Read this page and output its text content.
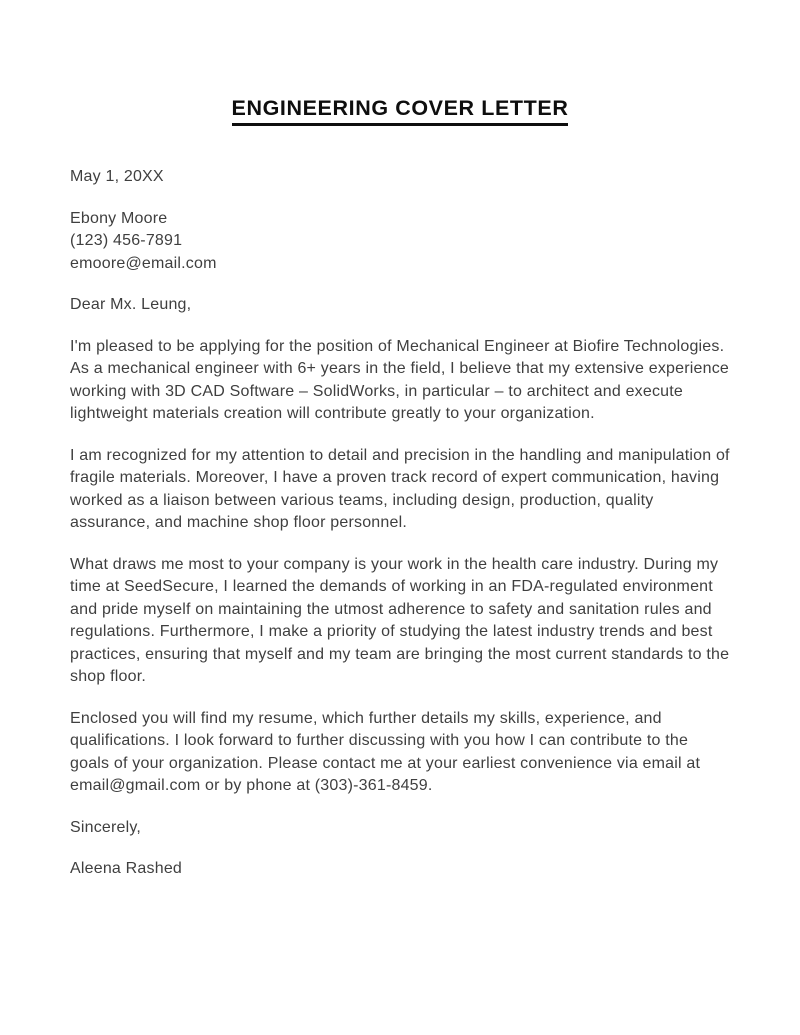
ENGINEERING COVER LETTER
May 1, 20XX
Ebony Moore
(123) 456-7891
emoore@email.com
Dear Mx. Leung,

I'm pleased to be applying for the position of Mechanical Engineer at Biofire Technologies. As a mechanical engineer with 6+ years in the field, I believe that my extensive experience working with 3D CAD Software – SolidWorks, in particular – to architect and execute lightweight materials creation will contribute greatly to your organization.

I am recognized for my attention to detail and precision in the handling and manipulation of fragile materials. Moreover, I have a proven track record of expert communication, having worked as a liaison between various teams, including design, production, quality assurance, and machine shop floor personnel.

What draws me most to your company is your work in the health care industry. During my time at SeedSecure, I learned the demands of working in an FDA-regulated environment and pride myself on maintaining the utmost adherence to safety and sanitation rules and regulations. Furthermore, I make a priority of studying the latest industry trends and best practices, ensuring that myself and my team are bringing the most current standards to the shop floor.

Enclosed you will find my resume, which further details my skills, experience, and qualifications. I look forward to further discussing with you how I can contribute to the goals of your organization. Please contact me at your earliest convenience via email at email@gmail.com or by phone at (303)-361-8459.

Sincerely,
Aleena Rashed
